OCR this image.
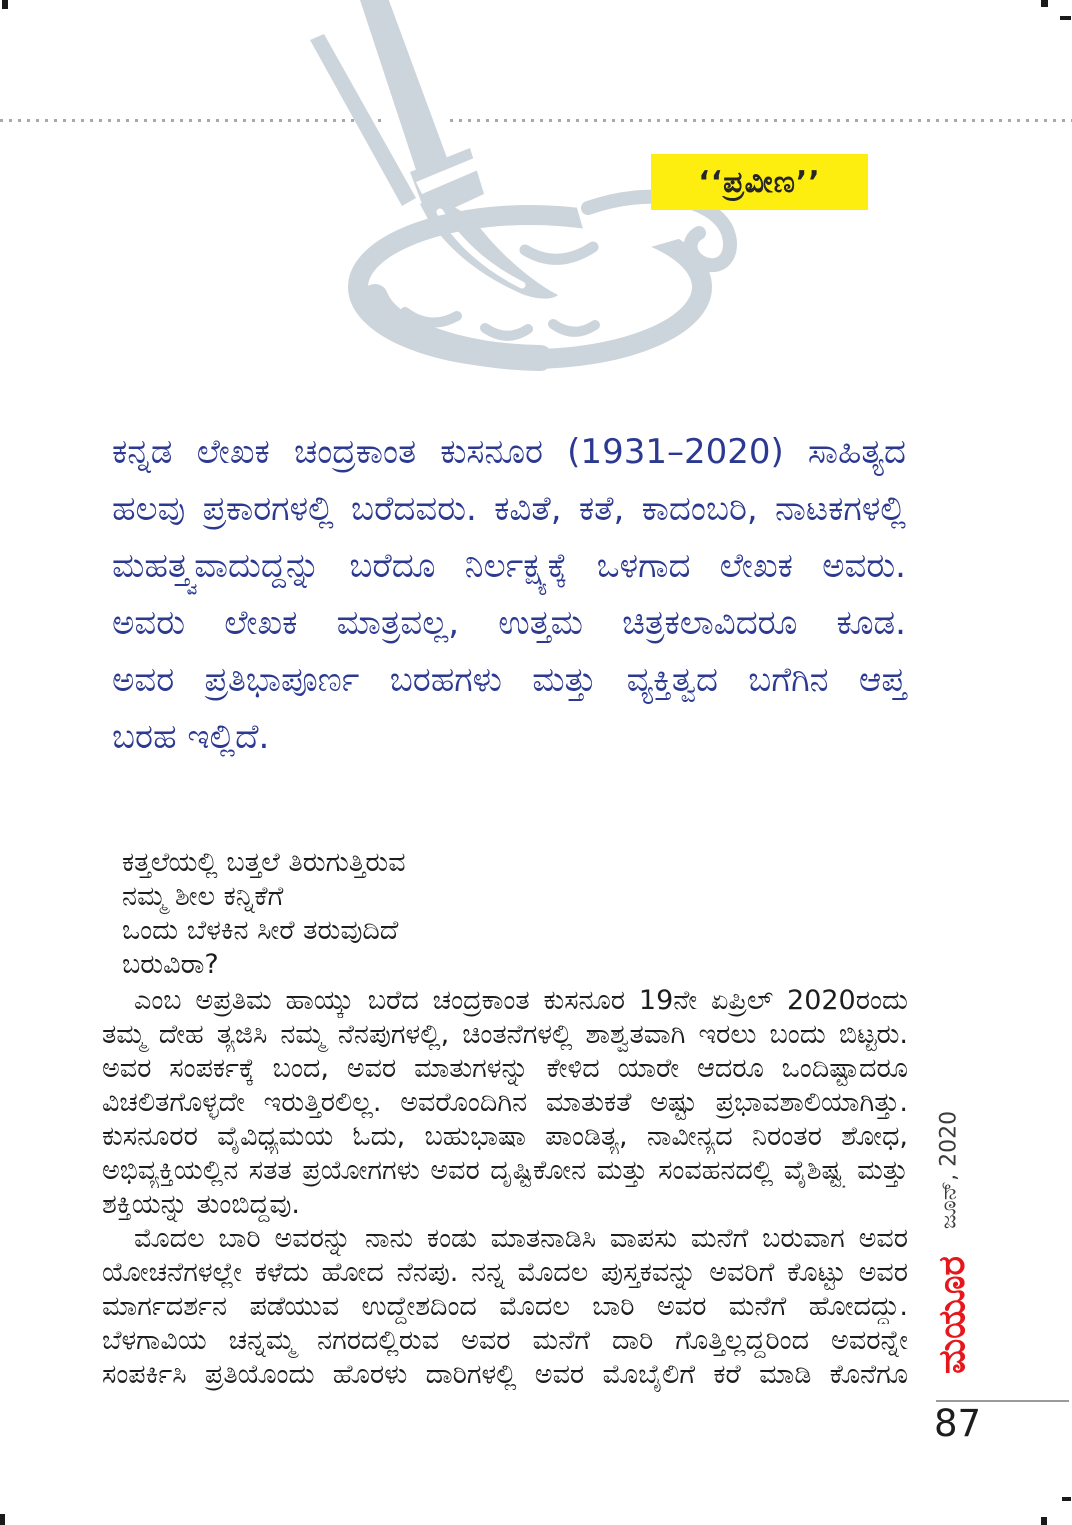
‘‘ಪ್ರವೀಣ’’
ಕನ್ನಡ ಲೇಖಕ ಚಂದ್ರಕಾಂತ ಕುಸನೂರ (1931–2020) ಸಾಹಿತ್ಯದ
ಹಲವು ಪ್ರಕಾರಗಳಲ್ಲಿ ಬರೆದವರು. ಕವಿತೆ, ಕತೆ, ಕಾದಂಬರಿ, ನಾಟಕಗಳಲ್ಲಿ
ಮಹತ್ತ್ವವಾದುದ್ದನ್ನು ಬರೆದೂ ನಿರ್ಲಕ್ಷ್ಯಕ್ಕೆ ಒಳಗಾದ ಲೇಖಕ ಅವರು.
ಅವರು ಲೇಖಕ ಮಾತ್ರವಲ್ಲ, ಉತ್ತಮ ಚಿತ್ರಕಲಾವಿದರೂ ಕೂಡ.
ಅವರ ಪ್ರತಿಭಾಪೂರ್ಣ ಬರಹಗಳು ಮತ್ತು ವ್ಯಕ್ತಿತ್ವದ ಬಗೆಗಿನ ಆಪ್ತ
ಬರಹ ಇಲ್ಲಿದೆ.
ಕತ್ತಲೆಯಲ್ಲಿ ಬತ್ತಲೆ ತಿರುಗುತ್ತಿರುವ
ನಮ್ಮ ಶೀಲ ಕನ್ನಿಕೆಗೆ
ಒಂದು ಬೆಳಕಿನ ಸೀರೆ ತರುವುದಿದೆ
ಬರುವಿರಾ?
ಎಂಬ ಅಪ್ರತಿಮ ಹಾಯ್ಕು ಬರೆದ ಚಂದ್ರಕಾಂತ ಕುಸನೂರ 19ನೇ ಏಪ್ರಿಲ್ 2020ರಂದು
ತಮ್ಮ ದೇಹ ತ್ಯಜಿಸಿ ನಮ್ಮ ನೆನಪುಗಳಲ್ಲಿ, ಚಿಂತನೆಗಳಲ್ಲಿ ಶಾಶ್ವತವಾಗಿ ಇರಲು ಬಂದು ಬಿಟ್ಟರು.
ಅವರ ಸಂಪರ್ಕಕ್ಕೆ ಬಂದ, ಅವರ ಮಾತುಗಳನ್ನು ಕೇಳಿದ ಯಾರೇ ಆದರೂ ಒಂದಿಷ್ಟಾದರೂ
ವಿಚಲಿತಗೊಳ್ಳದೇ ಇರುತ್ತಿರಲಿಲ್ಲ. ಅವರೊಂದಿಗಿನ ಮಾತುಕತೆ ಅಷ್ಟು ಪ್ರಭಾವಶಾಲಿಯಾಗಿತ್ತು.
ಕುಸನೂರರ ವೈವಿಧ್ಯಮಯ ಓದು, ಬಹುಭಾಷಾ ಪಾಂಡಿತ್ಯ, ನಾವೀನ್ಯದ ನಿರಂತರ ಶೋಧ,
ಅಭಿವ್ಯಕ್ತಿಯಲ್ಲಿನ ಸತತ ಪ್ರಯೋಗಗಳು ಅವರ ದೃಷ್ಟಿಕೋನ ಮತ್ತು ಸಂವಹನದಲ್ಲಿ ವೈಶಿಷ್ಟ್ಯ ಮತ್ತು
ಶಕ್ತಿಯನ್ನು ತುಂಬಿದ್ದವು.
ಮೊದಲ ಬಾರಿ ಅವರನ್ನು ನಾನು ಕಂಡು ಮಾತನಾಡಿಸಿ ವಾಪಸು ಮನೆಗೆ ಬರುವಾಗ ಅವರ
ಯೋಚನೆಗಳಲ್ಲೇ ಕಳೆದು ಹೋದ ನೆನಪು. ನನ್ನ ಮೊದಲ ಪುಸ್ತಕವನ್ನು ಅವರಿಗೆ ಕೊಟ್ಟು ಅವರ
ಮಾರ್ಗದರ್ಶನ ಪಡೆಯುವ ಉದ್ದೇಶದಿಂದ ಮೊದಲ ಬಾರಿ ಅವರ ಮನೆಗೆ ಹೋದದ್ದು.
ಬೆಳಗಾವಿಯ ಚನ್ನಮ್ಮ ನಗರದಲ್ಲಿರುವ ಅವರ ಮನೆಗೆ ದಾರಿ ಗೊತ್ತಿಲ್ಲದ್ದರಿಂದ ಅವರನ್ನೇ
ಸಂಪರ್ಕಿಸಿ ಪ್ರತಿಯೊಂದು ಹೊರಳು ದಾರಿಗಳಲ್ಲಿ ಅವರ ಮೊಬೈಲಿಗೆ ಕರೆ ಮಾಡಿ ಕೊನೆಗೂ
ಜೂನ್, 2020
ಮಯೂರ
87
